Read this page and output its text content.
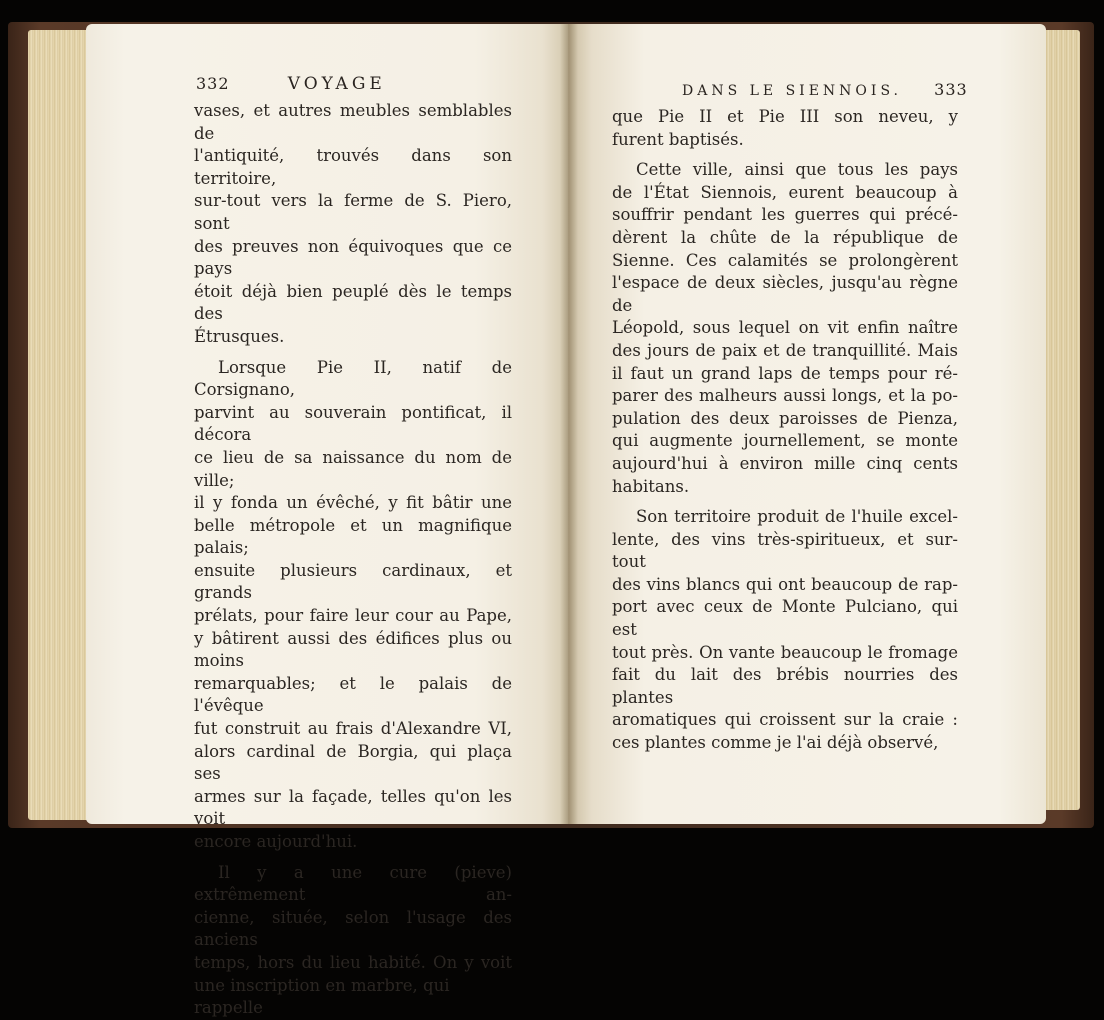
332	VOYAGE	DANS LE SIENNOIS. 333

vases, et autres meubles semblables de
l'antiquité, trouvés dans son territoire,
sur-tout vers la ferme de S. Piero, sont
des preuves non équivoques que ce pays
étoit déjà bien peuplé dès le temps des
Étrusques.

Lorsque Pie II, natif de Corsignano,
parvint au souverain pontificat, il décora
ce lieu de sa naissance du nom de ville;
il y fonda un évêché, y fit bâtir une
belle métropole et un magnifique palais;
ensuite plusieurs cardinaux, et grands
prélats, pour faire leur cour au Pape,
y bâtirent aussi des édifices plus ou moins
remarquables; et le palais de l'évêque
fut construit au frais d'Alexandre VI,
alors cardinal de Borgia, qui plaça ses
armes sur la façade, telles qu'on les voit
encore aujourd'hui.

Il y a une cure (pieve) extrêmement an-
cienne, située, selon l'usage des anciens
temps, hors du lieu habité. On y voit
une inscription en marbre, qui rappelle

que Pie II et Pie III son neveu, y
furent baptisés.

Cette ville, ainsi que tous les pays
de l'État Siennois, eurent beaucoup à
souffrir pendant les guerres qui précé-
dèrent la chûte de la république de
Sienne. Ces calamités se prolongèrent
l'espace de deux siècles, jusqu'au règne de
Léopold, sous lequel on vit enfin naître
des jours de paix et de tranquillité. Mais
il faut un grand laps de temps pour ré-
parer des malheurs aussi longs, et la po-
pulation des deux paroisses de Pienza,
qui augmente journellement, se monte
aujourd'hui à environ mille cinq cents
habitans.

Son territoire produit de l'huile excel-
lente, des vins très-spiritueux, et sur-tout
des vins blancs qui ont beaucoup de rap-
port avec ceux de Monte Pulciano, qui est
tout près. On vante beaucoup le fromage
fait du lait des brébis nourries des plantes
aromatiques qui croissent sur la craie :
ces plantes comme je l'ai déjà observé,
